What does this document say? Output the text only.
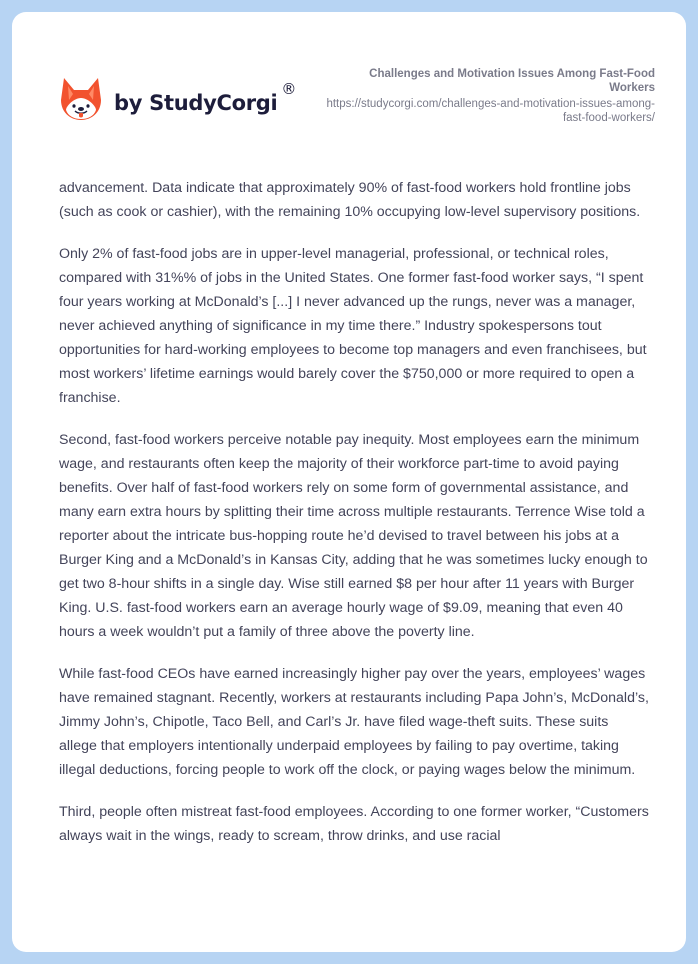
by StudyCorgi
®
Challenges and Motivation Issues Among Fast-Food Workers
https://studycorgi.com/challenges-and-motivation-issues-among-fast-food-workers/

advancement. Data indicate that approximately 90% of fast-food workers hold frontline jobs (such as cook or cashier), with the remaining 10% occupying low-level supervisory positions.

Only 2% of fast-food jobs are in upper-level managerial, professional, or technical roles, compared with 31%% of jobs in the United States. One former fast-food worker says, “I spent four years working at McDonald’s [...] I never advanced up the rungs, never was a manager, never achieved anything of significance in my time there.” Industry spokespersons tout opportunities for hard-working employees to become top managers and even franchisees, but most workers’ lifetime earnings would barely cover the $750,000 or more required to open a franchise.

Second, fast-food workers perceive notable pay inequity. Most employees earn the minimum wage, and restaurants often keep the majority of their workforce part-time to avoid paying benefits. Over half of fast-food workers rely on some form of governmental assistance, and many earn extra hours by splitting their time across multiple restaurants. Terrence Wise told a reporter about the intricate bus-hopping route he’d devised to travel between his jobs at a Burger King and a McDonald’s in Kansas City, adding that he was sometimes lucky enough to get two 8-hour shifts in a single day. Wise still earned $8 per hour after 11 years with Burger King. U.S. fast-food workers earn an average hourly wage of $9.09, meaning that even 40 hours a week wouldn’t put a family of three above the poverty line.

While fast-food CEOs have earned increasingly higher pay over the years, employees’ wages have remained stagnant. Recently, workers at restaurants including Papa John’s, McDonald’s, Jimmy John’s, Chipotle, Taco Bell, and Carl’s Jr. have filed wage-theft suits. These suits allege that employers intentionally underpaid employees by failing to pay overtime, taking illegal deductions, forcing people to work off the clock, or paying wages below the minimum.

Third, people often mistreat fast-food employees. According to one former worker, “Customers always wait in the wings, ready to scream, throw drinks, and use racial
